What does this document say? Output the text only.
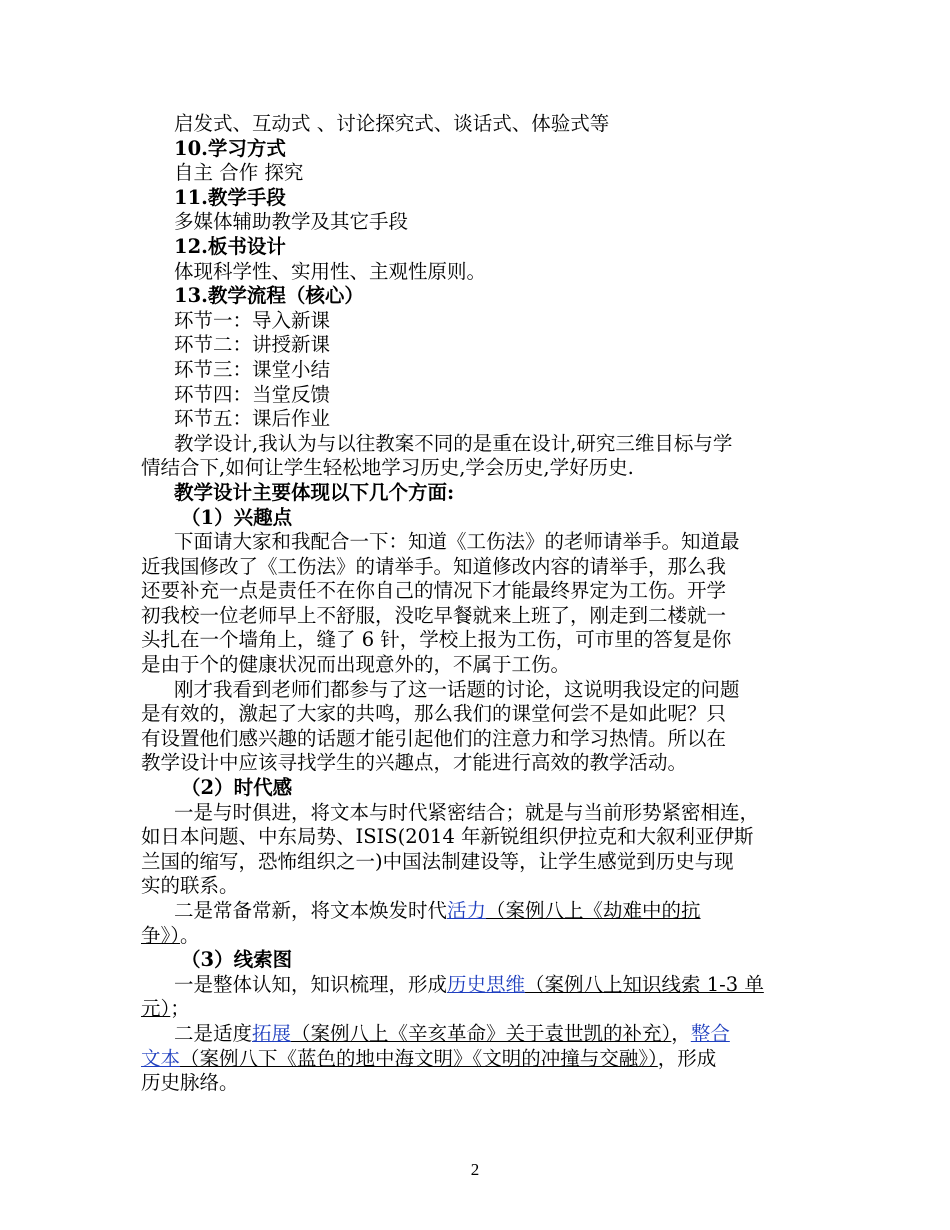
启发式、互动式 、讨论探究式、谈话式、体验式等
10.学习方式
自主 合作 探究
11.教学手段
多媒体辅助教学及其它手段
12.板书设计
体现科学性、实用性、主观性原则。
13.教学流程（核心）
环节一：导入新课
环节二：讲授新课
环节三：课堂小结
环节四：当堂反馈
环节五：课后作业
教学设计,我认为与以往教案不同的是重在设计,研究三维目标与学
情结合下,如何让学生轻松地学习历史,学会历史,学好历史.
教学设计主要体现以下几个方面:
（1）兴趣点
下面请大家和我配合一下：知道《工伤法》的老师请举手。知道最
近我国修改了《工伤法》的请举手。知道修改内容的请举手，那么我
还要补充一点是责任不在你自己的情况下才能最终界定为工伤。开学
初我校一位老师早上不舒服，没吃早餐就来上班了，刚走到二楼就一
头扎在一个墙角上，缝了 6 针，学校上报为工伤，可市里的答复是你
是由于个的健康状况而出现意外的，不属于工伤。
刚才我看到老师们都参与了这一话题的讨论，这说明我设定的问题
是有效的，激起了大家的共鸣，那么我们的课堂何尝不是如此呢？只
有设置他们感兴趣的话题才能引起他们的注意力和学习热情。所以在
教学设计中应该寻找学生的兴趣点，才能进行高效的教学活动。
（2）时代感
一是与时俱进，将文本与时代紧密结合；就是与当前形势紧密相连，
如日本问题、中东局势、ISIS(2014 年新锐组织伊拉克和大叙利亚伊斯
兰国的缩写，恐怖组织之一)中国法制建设等，让学生感觉到历史与现
实的联系。
二是常备常新，将文本焕发时代活力（案例八上《劫难中的抗
争》）。
（3）线索图
一是整体认知，知识梳理，形成历史思维（案例八上知识线索 1-3 单
元）；
二是适度拓展（案例八上《辛亥革命》关于袁世凯的补充），整合
文本（案例八下《蓝色的地中海文明》《文明的冲撞与交融》），形成
历史脉络。
2
